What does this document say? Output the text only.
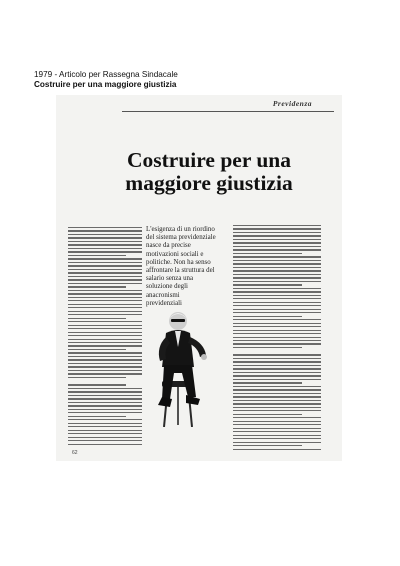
1979 - Articolo per Rassegna Sindacale
Costruire per una maggiore giustizia
Previdenza
Costruire per una maggiore giustizia
L'esigenza di un riordino del sistema previdenziale nasce da precise motivazioni sociali e politiche. Non ha senso affrontare la struttura del salario senza una soluzione degli anacronismi previdenziali
62
